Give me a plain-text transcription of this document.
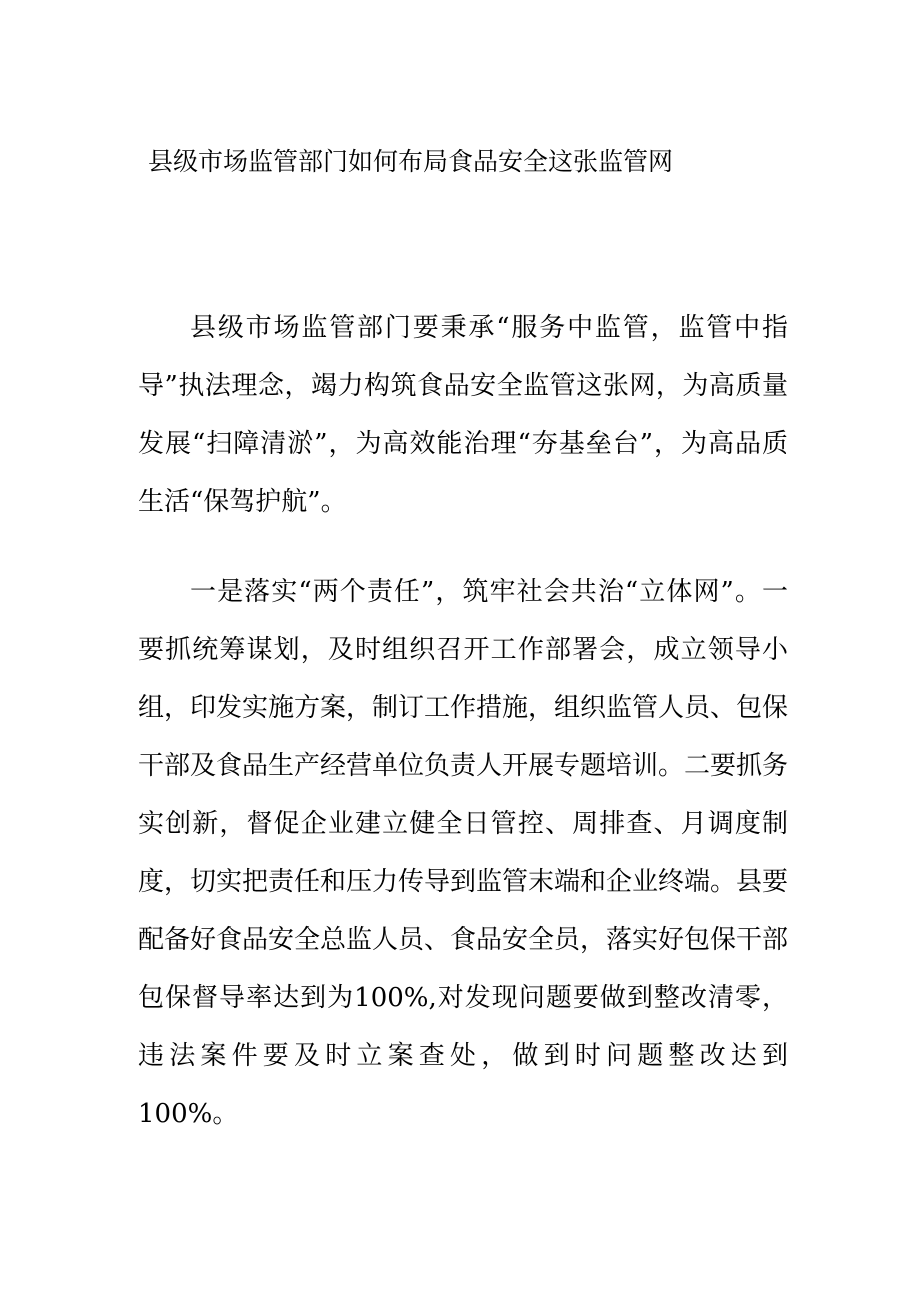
县级市场监管部门如何布局食品安全这张监管网

县级市场监管部门要秉承“服务中监管，监管中指导”执法理念，竭力构筑食品安全监管这张网，为高质量发展“扫障清淤”，为高效能治理“夯基垒台”，为高品质生活“保驾护航”。

一是落实“两个责任”，筑牢社会共治“立体网”。一要抓统筹谋划，及时组织召开工作部署会，成立领导小组，印发实施方案，制订工作措施，组织监管人员、包保干部及食品生产经营单位负责人开展专题培训。二要抓务实创新，督促企业建立健全日管控、周排查、月调度制度，切实把责任和压力传导到监管末端和企业终端。县要配备好食品安全总监人员、食品安全员，落实好包保干部包保督导率达到为100%,对发现问题要做到整改清零，违法案件要及时立案查处，做到时问题整改达到 100%。
